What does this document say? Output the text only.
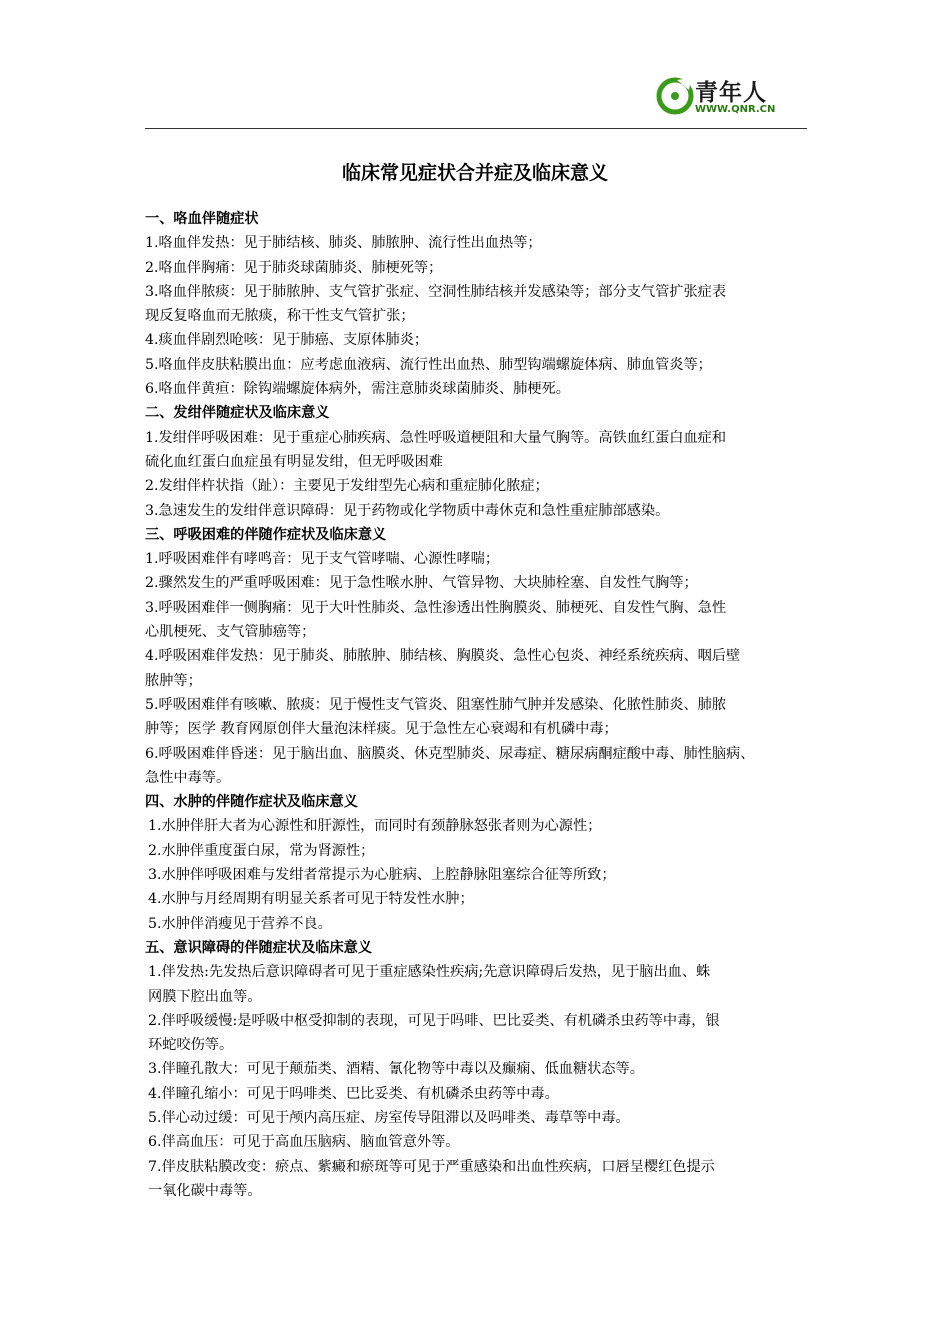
青年人
WWW.QNR.CN
临床常见症状合并症及临床意义

一、咯血伴随症状

1.咯血伴发热：见于肺结核、肺炎、肺脓肿、流行性出血热等；

2.咯血伴胸痛：见于肺炎球菌肺炎、肺梗死等；

3.咯血伴脓痰：见于肺脓肿、支气管扩张症、空洞性肺结核并发感染等；部分支气管扩张症表

现反复咯血而无脓痰，称干性支气管扩张；

4.痰血伴剧烈呛咳：见于肺癌、支原体肺炎；

5.咯血伴皮肤粘膜出血：应考虑血液病、流行性出血热、肺型钩端螺旋体病、肺血管炎等；

6.咯血伴黄疸：除钩端螺旋体病外，需注意肺炎球菌肺炎、肺梗死。

二、发绀伴随症状及临床意义

1.发绀伴呼吸困难：见于重症心肺疾病、急性呼吸道梗阻和大量气胸等。高铁血红蛋白血症和

硫化血红蛋白血症虽有明显发绀，但无呼吸困难

2.发绀伴杵状指（趾）：主要见于发绀型先心病和重症肺化脓症；

3.急速发生的发绀伴意识障碍：见于药物或化学物质中毒休克和急性重症肺部感染。

三、呼吸困难的伴随作症状及临床意义

1.呼吸困难伴有哮鸣音：见于支气管哮喘、心源性哮喘；

2.骤然发生的严重呼吸困难：见于急性喉水肿、气管异物、大块肺栓塞、自发性气胸等；

3.呼吸困难伴一侧胸痛：见于大叶性肺炎、急性渗透出性胸膜炎、肺梗死、自发性气胸、急性

心肌梗死、支气管肺癌等；

4.呼吸困难伴发热：见于肺炎、肺脓肿、肺结核、胸膜炎、急性心包炎、神经系统疾病、咽后壁

脓肿等；

5.呼吸困难伴有咳嗽、脓痰：见于慢性支气管炎、阻塞性肺气肿并发感染、化脓性肺炎、肺脓

肿等；医学 教育网原创伴大量泡沫样痰。见于急性左心衰竭和有机磷中毒；

6.呼吸困难伴昏迷：见于脑出血、脑膜炎、休克型肺炎、尿毒症、糖尿病酮症酸中毒、肺性脑病、

急性中毒等。

四、水肿的伴随作症状及临床意义

1.水肿伴肝大者为心源性和肝源性，而同时有颈静脉怒张者则为心源性；

2.水肿伴重度蛋白尿，常为肾源性；

3.水肿伴呼吸困难与发绀者常提示为心脏病、上腔静脉阻塞综合征等所致；

4.水肿与月经周期有明显关系者可见于特发性水肿；

5.水肿伴消瘦见于营养不良。

五、意识障碍的伴随症状及临床意义

1.伴发热:先发热后意识障碍者可见于重症感染性疾病;先意识障碍后发热，见于脑出血、蛛

网膜下腔出血等。

2.伴呼吸缓慢:是呼吸中枢受抑制的表现，可见于吗啡、巴比妥类、有机磷杀虫药等中毒，银

环蛇咬伤等。

3.伴瞳孔散大：可见于颠茄类、酒精、氰化物等中毒以及癫痫、低血糖状态等。

4.伴瞳孔缩小：可见于吗啡类、巴比妥类、有机磷杀虫药等中毒。

5.伴心动过缓：可见于颅内高压症、房室传导阻滞以及吗啡类、毒草等中毒。

6.伴高血压：可见于高血压脑病、脑血管意外等。

7.伴皮肤粘膜改变：瘀点、紫癜和瘀斑等可见于严重感染和出血性疾病，口唇呈樱红色提示

一氧化碳中毒等。
